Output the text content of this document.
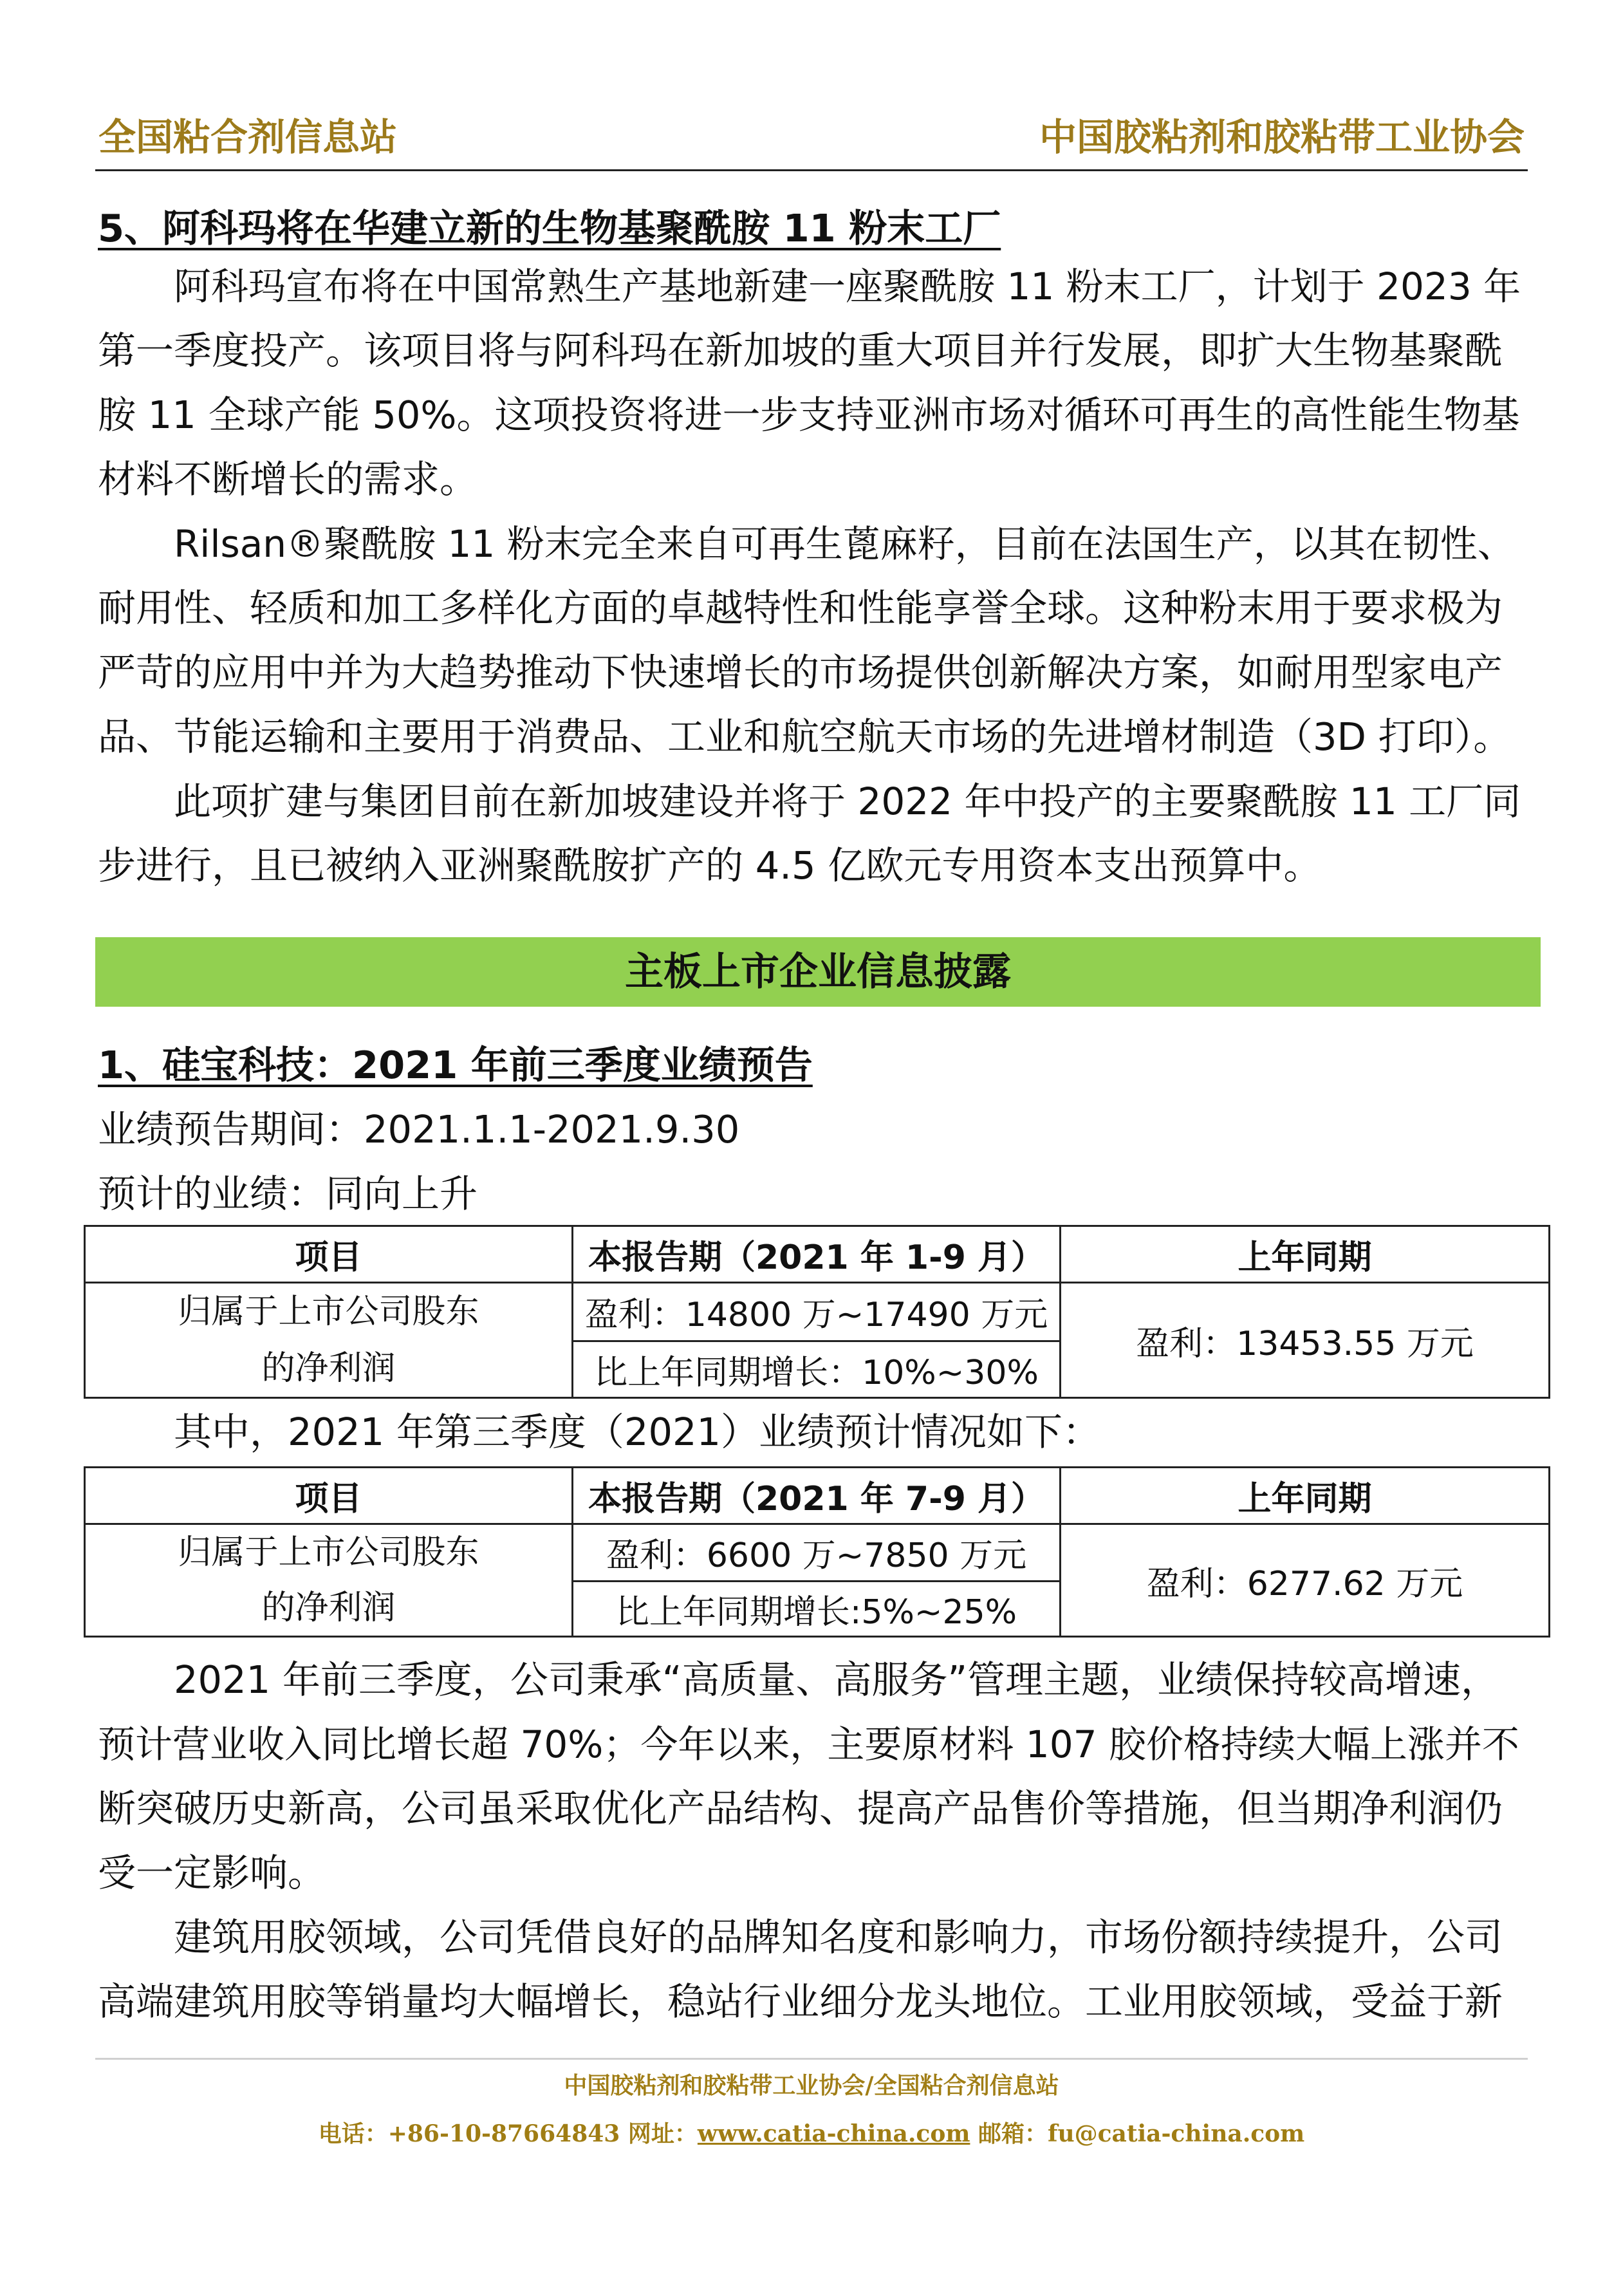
全国粘合剂信息站	中国胶粘剂和胶粘带工业协会
5、阿科玛将在华建立新的生物基聚酰胺 11 粉末工厂
阿科玛宣布将在中国常熟生产基地新建一座聚酰胺 11 粉末工厂，计划于 2023 年
第一季度投产。该项目将与阿科玛在新加坡的重大项目并行发展，即扩大生物基聚酰
胺 11 全球产能 50%。这项投资将进一步支持亚洲市场对循环可再生的高性能生物基
材料不断增长的需求。
Rilsan®聚酰胺 11 粉末完全来自可再生蓖麻籽，目前在法国生产，以其在韧性、
耐用性、轻质和加工多样化方面的卓越特性和性能享誉全球。这种粉末用于要求极为
严苛的应用中并为大趋势推动下快速增长的市场提供创新解决方案，如耐用型家电产
品、节能运输和主要用于消费品、工业和航空航天市场的先进增材制造（3D 打印）。
此项扩建与集团目前在新加坡建设并将于 2022 年中投产的主要聚酰胺 11 工厂同
步进行，且已被纳入亚洲聚酰胺扩产的 4.5 亿欧元专用资本支出预算中。
主板上市企业信息披露
1、硅宝科技：2021 年前三季度业绩预告
业绩预告期间：2021.1.1-2021.9.30
预计的业绩：同向上升
项目	本报告期（2021 年 1-9 月）	上年同期

归属于上市公司股东
的净利润	盈利：14800 万~17490 万元	盈利：13453.55 万元
	比上年同期增长：10%~30%	
其中，2021 年第三季度（2021）业绩预计情况如下：
项目	本报告期（2021 年 7-9 月）	上年同期

归属于上市公司股东
的净利润	盈利：6600 万~7850 万元	盈利：6277.62 万元
	比上年同期增长:5%~25%	
2021 年前三季度，公司秉承“高质量、高服务”管理主题，业绩保持较高增速，
预计营业收入同比增长超 70%；今年以来，主要原材料 107 胶价格持续大幅上涨并不
断突破历史新高，公司虽采取优化产品结构、提高产品售价等措施，但当期净利润仍
受一定影响。
建筑用胶领域，公司凭借良好的品牌知名度和影响力，市场份额持续提升，公司
高端建筑用胶等销量均大幅增长，稳站行业细分龙头地位。工业用胶领域，受益于新
中国胶粘剂和胶粘带工业协会/全国粘合剂信息站
电话：+86-10-87664843 网址：www.catia-china.com 邮箱：fu@catia-china.com
